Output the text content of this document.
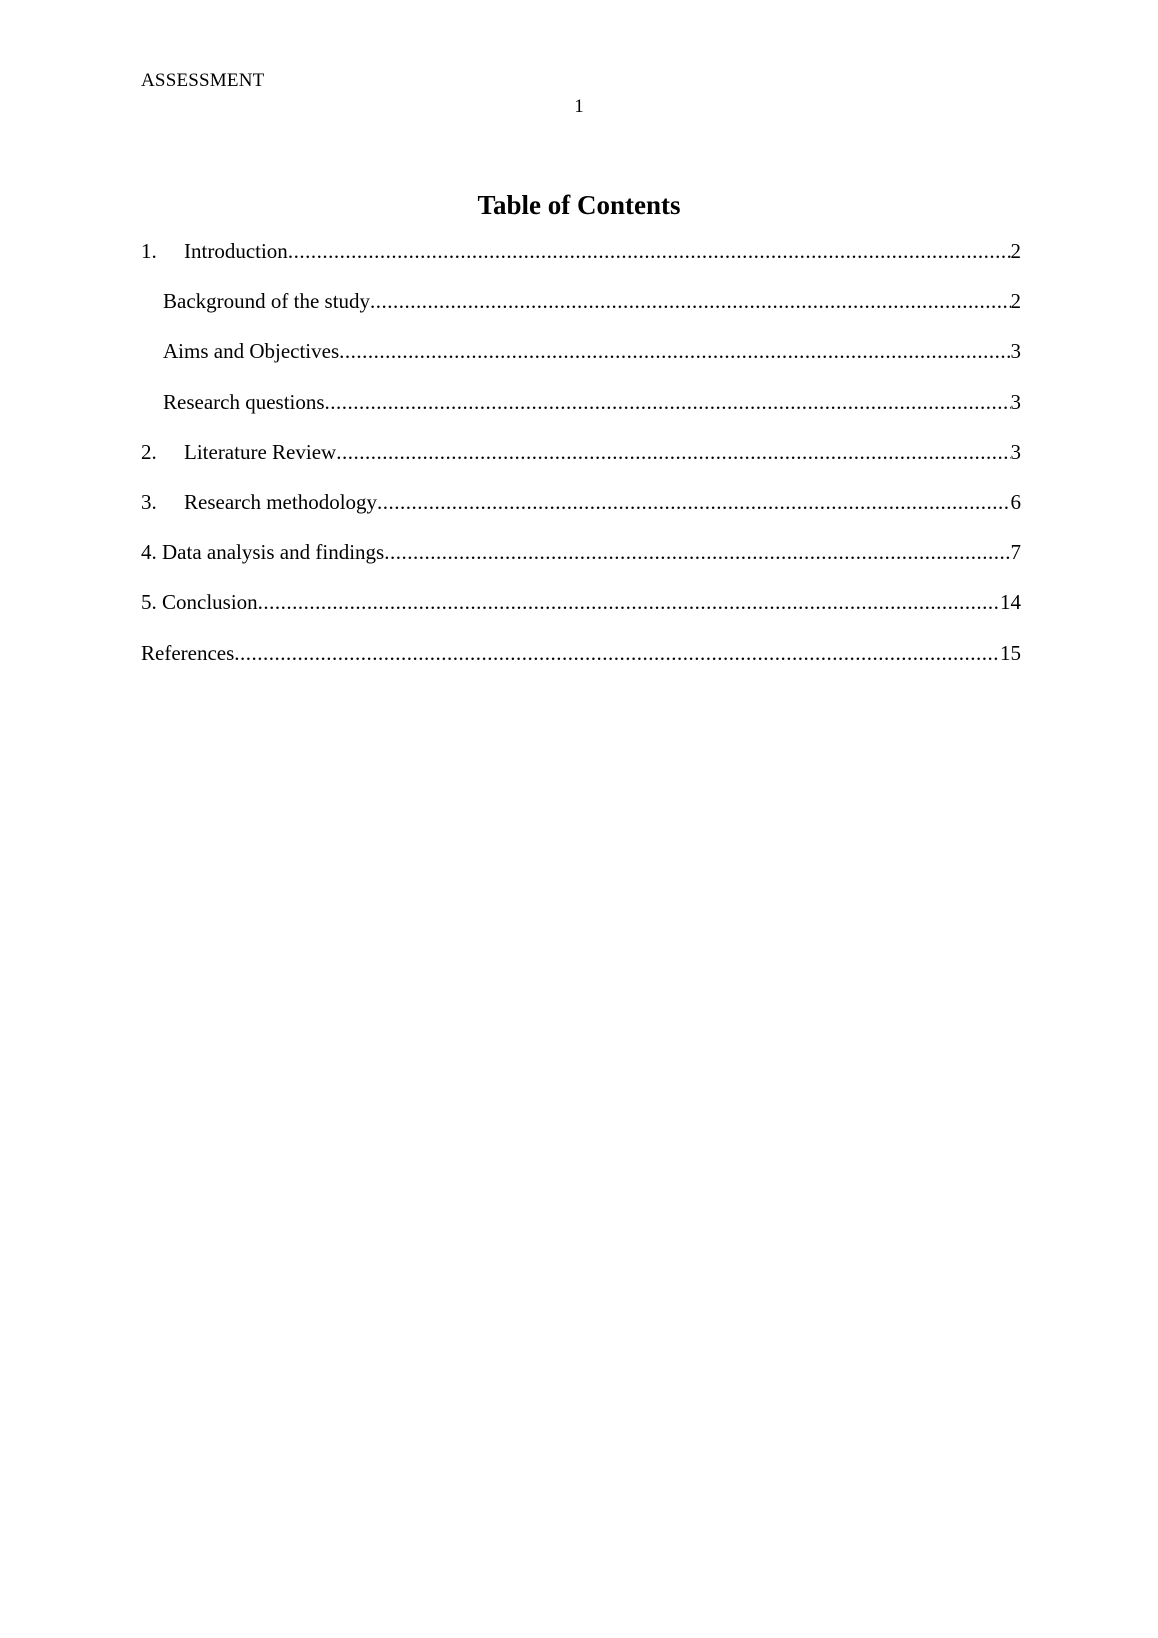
ASSESSMENT
1
Table of Contents
1.	Introduction .....	2
Background of the study .....	2
Aims and Objectives .....	3
Research questions .....	3
2.	Literature Review .....	3
3.	Research methodology .....	6
4. Data analysis and findings .....	7
5. Conclusion .....	14
References .....	15
